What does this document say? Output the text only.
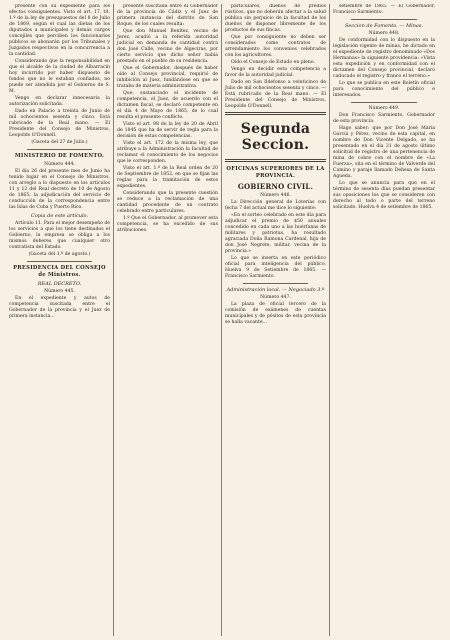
presente con su expediente para los efectos consiguientes. Visto el art. 17, tít. 1.º de la ley de presupuestos del 8 de Julio de 1869, según el cual las dietas de los diputados a municipales y demás cargos concejiles que perciben los funcionarios públicos se abonarán por los Tribunales y Juzgados respectivos en la concurrencia a la cantidad.

Considerando que la responsabilidad en que el alcalde de la ciudad de Albarracín hoy incurrido por haber dispuesto de fondos que no le estaban confiados, no puede ser atendida por el Gobierno de S. M.

Vengo en declarar innecesaria la autorización solicitada.

Dado en Palacio a treinta de Junio de mil ochocientos sesenta y cinco. Está rubricado de la Real mano. — El Presidente del Consejo de Ministros, Leopoldo O'Donnell.

(Gaceta del 27 de Julio.)

MINISTERIO DE FOMENTO.
Número 444.

El día 26 del presente mes de Junio ha tenido lugar en el Consejo de Ministros, con arreglo a lo dispuesto en los artículos 11 y 12 del Real decreto de 10 de Agosto de 1865, la adjudicación del servicio de conducción de la correspondencia entre las Islas de Cuba y Puerto Rico.

Copia de este artículo.

Artículo 11. Para el mejor desempeño de los servicios a que los tiene destinados el Gobierno, la empresa se obliga a los mismos deberes que cualquier otro contratista del Estado.

(Gaceta del 1.º de agosto.)

PRESIDENCIA DEL CONSEJO de Ministros.
REAL DECRETO.
Número 445.

En el expediente y autos de competencia suscitada entre el Gobernador de la provincia y el Juez de primera instancia...

presente suscitada entre el Gobernador de la provincia de Cádiz y el Juez de primera instancia del distrito de San Roque, de los cuales resulta:

Que don Manuel Benítez, vecino de Jerez, acudió a la referida autoridad judicial en demanda de cantidad contra don José Calle, vecino de Algeciras, por cierto servicio que dicho señor había prestado en el pueblo de su residencia.

Que el Gobernador, después de haber oído al Consejo provincial, requirió de inhibición al Juez, fundándose en que se trataba de materia administrativa.

Que, sustanciado el incidente de competencia, el Juez, de acuerdo con el dictamen fiscal, se declaró competente en el día 4 de Mayo de 1865, de lo cual resulta el presente conflicto.

Visto el art. 98 de la ley de 20 de Abril de 1845 que ha de servir de regla para la decisión de estas competencias.

Visto el art. 172 de la misma ley, que atribuye a la Administración la facultad de reclamar el conocimiento de los negocios que le corresponden.

Visto el art. 1.º de la Real orden de 20 de Septiembre de 1852, en que se fijan las reglas para la tramitación de estos expedientes.

Considerando que la presente cuestión se reduce a la reclamación de una cantidad procedente de un contrato celebrado entre particulares.

1.º Que el Gobernador, al promover esta competencia, se ha excedido de sus atribuciones.

particulares, dueños de predios rústicos, que no deberán afectar a la salud pública sin perjuicio de la facultad de los dueños de disponer libremente de los productos de sus fincas.

Que por consiguiente no deben ser considerados como contratos de arrendamiento los convenios celebrados con los agricultores.

Oído el Consejo de Estado en pleno.

Vengo en decidir esta competencia a favor de la autoridad judicial.

Dado en San Ildefonso a veinticinco de Julio de mil ochocientos sesenta y cinco. — Está rubricado de la Real mano. — El Presidente del Consejo de Ministros, Leopoldo O'Donnell.

Segunda Seccion.
OFICINAS SUPERIORES DE LA PROVINCIA.
GOBIERNO CIVIL.
Número 446.

La Dirección general de Loterías con fecha 7 del actual me dice lo siguiente:

«En el sorteo celebrado en este día para adjudicar el premio de $50 anuales concedido en cada uno a las huérfanas de militares y patriotas, ha resultado agraciada Doña Ramona Cardenal, hija de don José Negrete, militar, vecina de la provincia.»

Lo que se inserta en este periódico oficial para inteligencia del público. Huelva 9 de Setiembre de 1865. — Francisco Sarmiento.

Administración local. — Negociado 3.º
Número 447.

La plaza de oficial tercero de la comisión de exámenes de cuentas municipales y de pósitos de esta provincia se halla vacante...

setiembre de 1865. — El Gobernador, Francisco Sarmiento.

Seccion de Fomento. — Minas.
Número 448.

De conformidad con lo dispuesto en la legislación vigente de minas, he dictado en el expediente de registro denominado «Dos Hermanas» la siguiente providencia: «Vista esta expedición y en conformidad con el dictamen del Consejo provincial, declaro caducado el registro y franco el terreno.»

Lo que se publica en este Boletín oficial para conocimiento del público e interesados.

Número 449.

Don Francisco Sarmiento, Gobernador de esta provincia.

Hago saber: que por Don José María García y Pérez, vecino de esta capital, en nombre de Don Vicente Delgado, se ha presentado en el día 31 de agosto último solicitud de registro de una pertenencia de mina de cobre con el nombre de «La Fuerza», sita en el término de Valverde del Camino y paraje llamado Dehesa de Santa Agueda.

Lo que se anuncia para que en el término de sesenta días puedan presentar sus oposiciones los que se consideren con derecho al todo o parte del terreno solicitado. Huelva 4 de setiembre de 1865.
